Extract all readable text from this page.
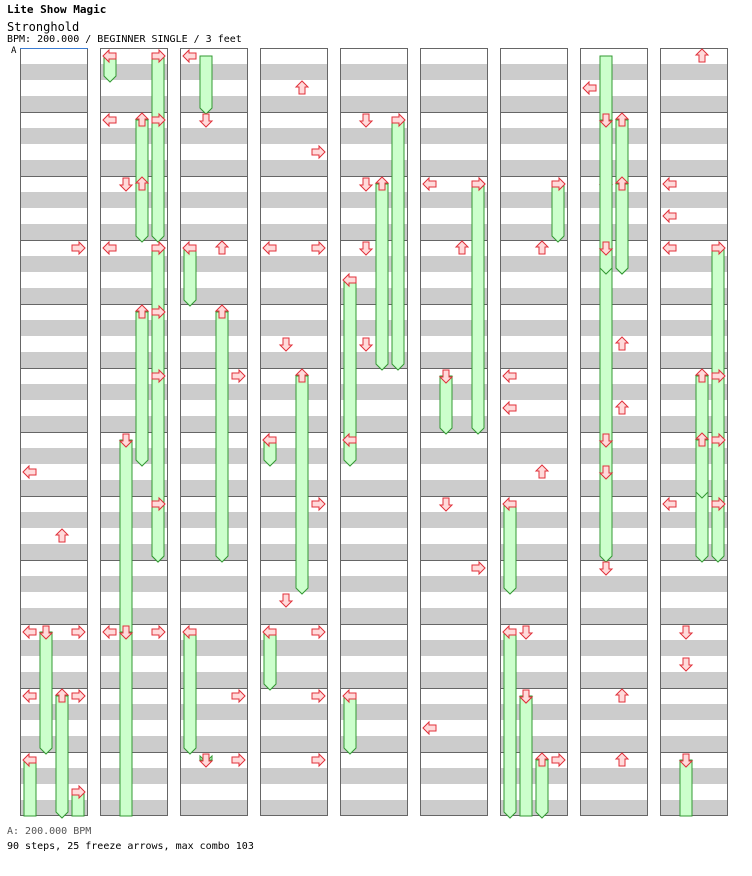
Lite Show Magic
Stronghold
BPM: 200.000 / BEGINNER SINGLE / 3 feet
A
A: 200.000 BPM
90 steps, 25 freeze arrows, max combo 103
